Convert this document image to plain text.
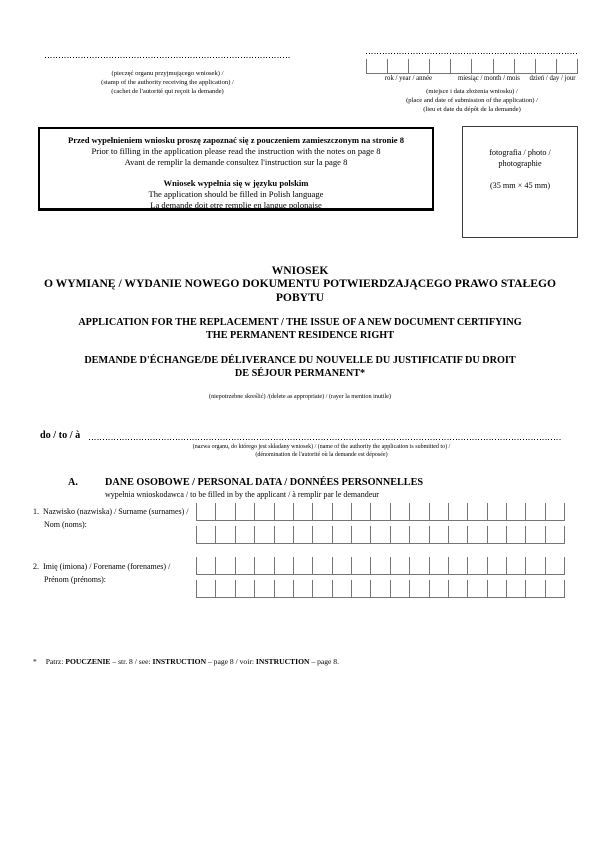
(pieczęć organu przyjmującego wniosek) /
(stamp of the authority receiving the application) /
(cachet de l'autorité qui reçoit la demande)
rok / year / année	miesiąc / month / mois	dzień / day / jour
(miejsce i data złożenia wniosku) /
(place and date of submission of the application) /
(lieu et date du dépôt de la demande)
Przed wypełnieniem wniosku proszę zapoznać się z pouczeniem zamieszczonym na stronie 8
Prior to filling in the application please read the instruction with the notes on page 8
Avant de remplir la demande consultez l'instruction sur la page 8
Wniosek wypełnia się w języku polskim
The application should be filled in Polish language
La demande doit ętre remplie en langue polonaise
fotografia / photo / photographie
(35 mm × 45 mm)
WNIOSEK
O WYMIANĘ / WYDANIE NOWEGO DOKUMENTU POTWIERDZAJĄCEGO PRAWO STAŁEGO
POBYTU
APPLICATION FOR THE REPLACEMENT / THE ISSUE OF A NEW DOCUMENT CERTIFYING
THE PERMANENT RESIDENCE RIGHT
DEMANDE D'ÉCHANGE/DE DÉLIVERANCE DU NOUVELLE DU JUSTIFICATIF DU DROIT
DE SÉJOUR PERMANENT*
(niepotrzebne skreślić) /(delete as appropriate) / (rayer la mention inutile)
do / to / à
(nazwa organu, do którego jest składany wniosek) / (name of the authority the application is submitted to) /
(dénomination de l'autorité où la demande est déposée)
A.	DANE OSOBOWE / PERSONAL DATA / DONNÉES PERSONNELLES
wypełnia wnioskodawca / to be filled in by the applicant / à remplir par le demandeur
1. Nazwisko (nazwiska) / Surname (surnames) /
Nom (noms):
2. Imię (imiona) / Forename (forenames) /
Prénom (prénoms):
* Patrz: POUCZENIE – str. 8 / see: INSTRUCTION – page 8 / voir: INSTRUCTION – page 8.
